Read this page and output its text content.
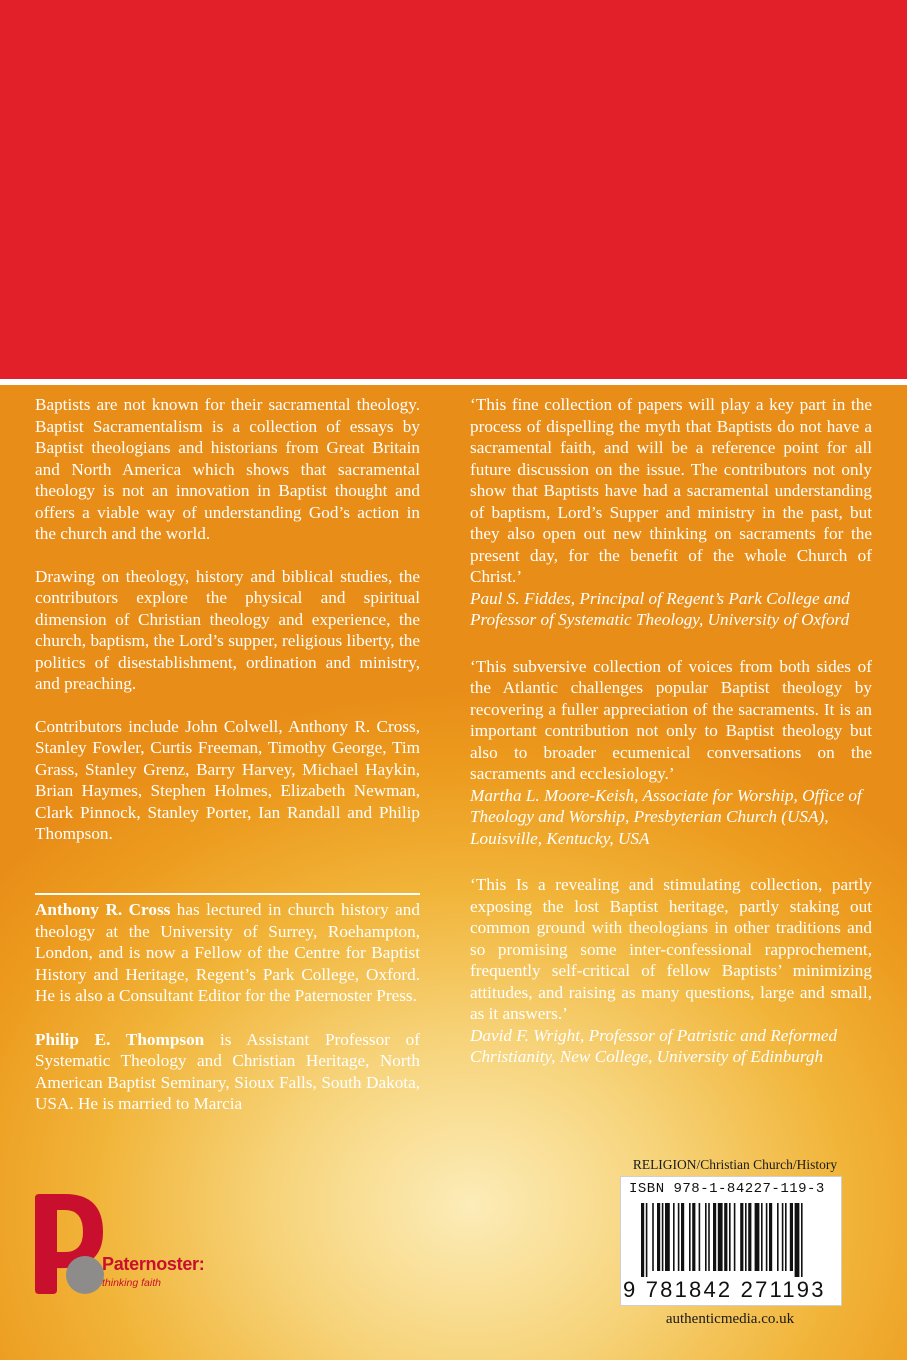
Baptists are not known for their sacramental theology. Baptist Sacramentalism is a collection of essays by Baptist theologians and historians from Great Britain and North America which shows that sacramental theology is not an innovation in Baptist thought and offers a viable way of understanding God’s action in the church and the world.

Drawing on theology, history and biblical studies, the contributors explore the physical and spiritual dimension of Christian theology and experience, the church, baptism, the Lord’s supper, religious liberty, the politics of disestablishment, ordination and ministry, and preaching.

Contributors include John Colwell, Anthony R. Cross, Stanley Fowler, Curtis Freeman, Timothy George, Tim Grass, Stanley Grenz, Barry Harvey, Michael Haykin, Brian Haymes, Stephen Holmes, Elizabeth Newman, Clark Pinnock, Stanley Porter, Ian Randall and Philip Thompson.

Anthony R. Cross has lectured in church history and theology at the University of Surrey, Roehampton, London, and is now a Fellow of the Centre for Baptist History and Heritage, Regent’s Park College, Oxford. He is also a Consultant Editor for the Paternoster Press.

Philip E. Thompson is Assistant Professor of Systematic Theology and Christian Heritage, North American Baptist Seminary, Sioux Falls, South Dakota, USA. He is married to Marcia

‘This fine collection of papers will play a key part in the process of dispelling the myth that Baptists do not have a sacramental faith, and will be a reference point for all future discussion on the issue. The contributors not only show that Baptists have had a sacramental understanding of baptism, Lord’s Supper and ministry in the past, but they also open out new thinking on sacraments for the present day, for the benefit of the whole Church of Christ.’

Paul S. Fiddes, Principal of Regent’s Park College and Professor of Systematic Theology, University of Oxford

‘This subversive collection of voices from both sides of the Atlantic challenges popular Baptist theology by recovering a fuller appreciation of the sacraments. It is an important contribution not only to Baptist theology but also to broader ecumenical conversations on the sacraments and ecclesiology.’

Martha L. Moore-Keish, Associate for Worship, Office of Theology and Worship, Presbyterian Church (USA), Louisville, Kentucky, USA

‘This Is a revealing and stimulating collection, partly exposing the lost Baptist heritage, partly staking out common ground with theologians in other traditions and so promising some inter-confessional rapprochement, frequently self-critical of fellow Baptists’ minimizing attitudes, and raising as many questions, large and small, as it answers.’

David F. Wright, Professor of Patristic and Reformed Christianity, New College, University of Edinburgh

Paternoster:
thinking faith
RELIGION/Christian Church/History
ISBN 978-1-84227-119-3
9 781842 271193
authenticmedia.co.uk
